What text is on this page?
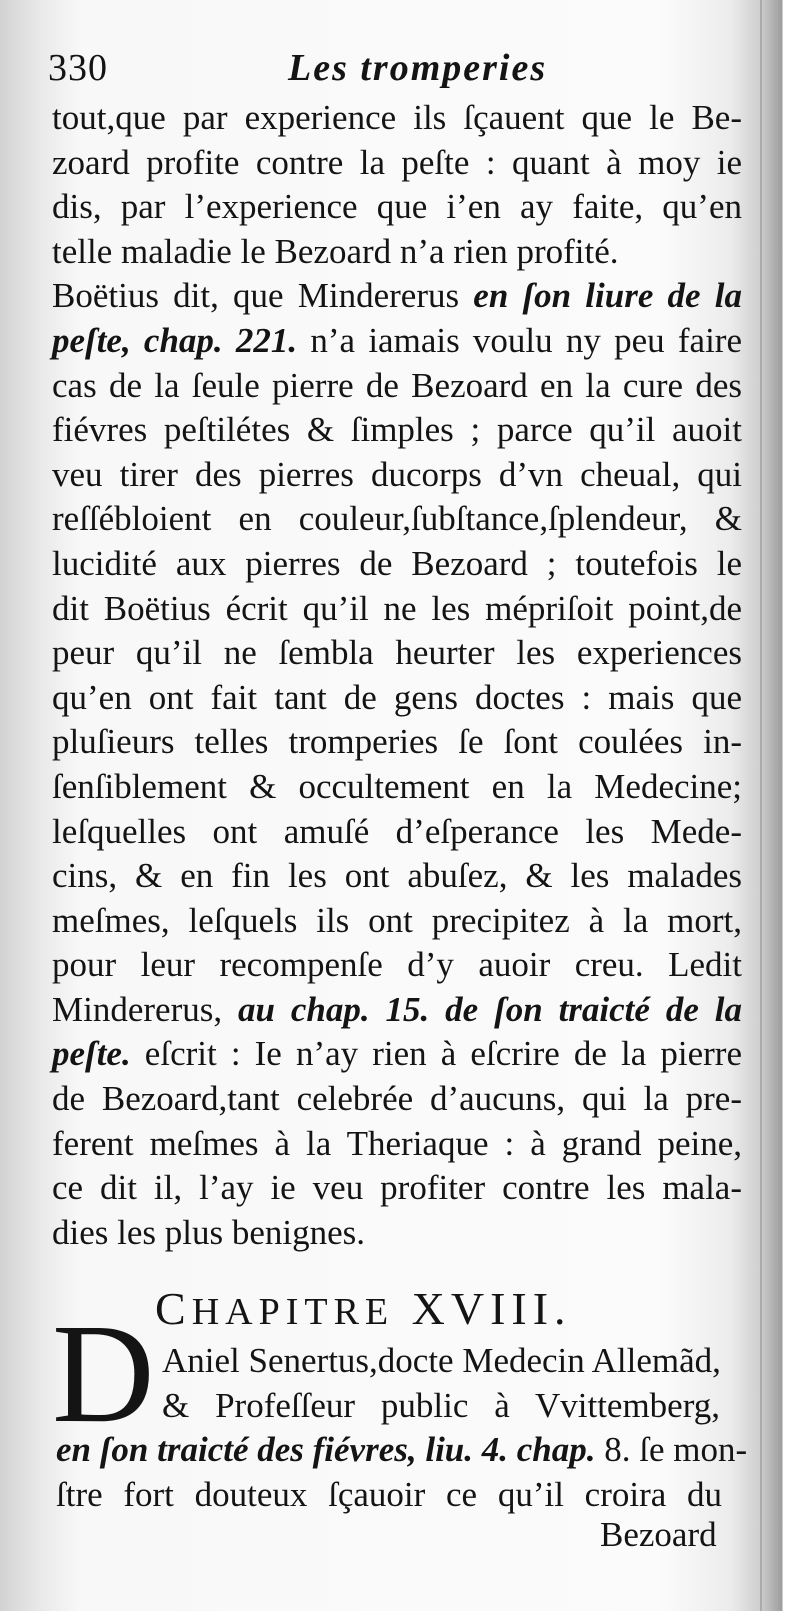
330	Les tromperies
tout,que par experience ils ſçauent que le Be-
zoard profite contre la peſte : quant à moy ie
dis, par l’experience que i’en ay faite, qu’en
telle maladie le Bezoard n’a rien profité.
Boëtius dit, que Mindererus en ſon liure de la
peſte, chap. 221. n’a iamais voulu ny peu faire
cas de la ſeule pierre de Bezoard en la cure des
fiévres peſtilétes & ſimples ; parce qu’il auoit
veu tirer des pierres ducorps d’vn cheual, qui
reſſébloient en couleur,ſubſtance,ſplendeur, &
lucidité aux pierres de Bezoard ; toutefois le
dit Boëtius écrit qu’il ne les mépriſoit point,de
peur qu’il ne ſembla heurter les experiences
qu’en ont fait tant de gens doctes : mais que
pluſieurs telles tromperies ſe ſont coulées in-
ſenſiblement & occultement en la Medecine;
leſquelles ont amuſé d’eſperance les Mede-
cins, & en fin les ont abuſez, & les malades
meſmes, leſquels ils ont precipitez à la mort,
pour leur recompenſe d’y auoir creu. Ledit
Mindererus, au chap. 15. de ſon traicté de la
peſte. eſcrit : Ie n’ay rien à eſcrire de la pierre
de Bezoard,tant celebrée d’aucuns, qui la pre-
ferent meſmes à la Theriaque : à grand peine,
ce dit il, l’ay ie veu profiter contre les mala-
dies les plus benignes.
CHAPITRE XVIII.
D Aniel Senertus,docte Medecin Allemãd,
& Profeſſeur public à Vvittemberg,
en ſon traicté des fiévres, liu. 4. chap. 8. ſe mon-
ſtre fort douteux ſçauoir ce qu’il croira du
Bezoard
